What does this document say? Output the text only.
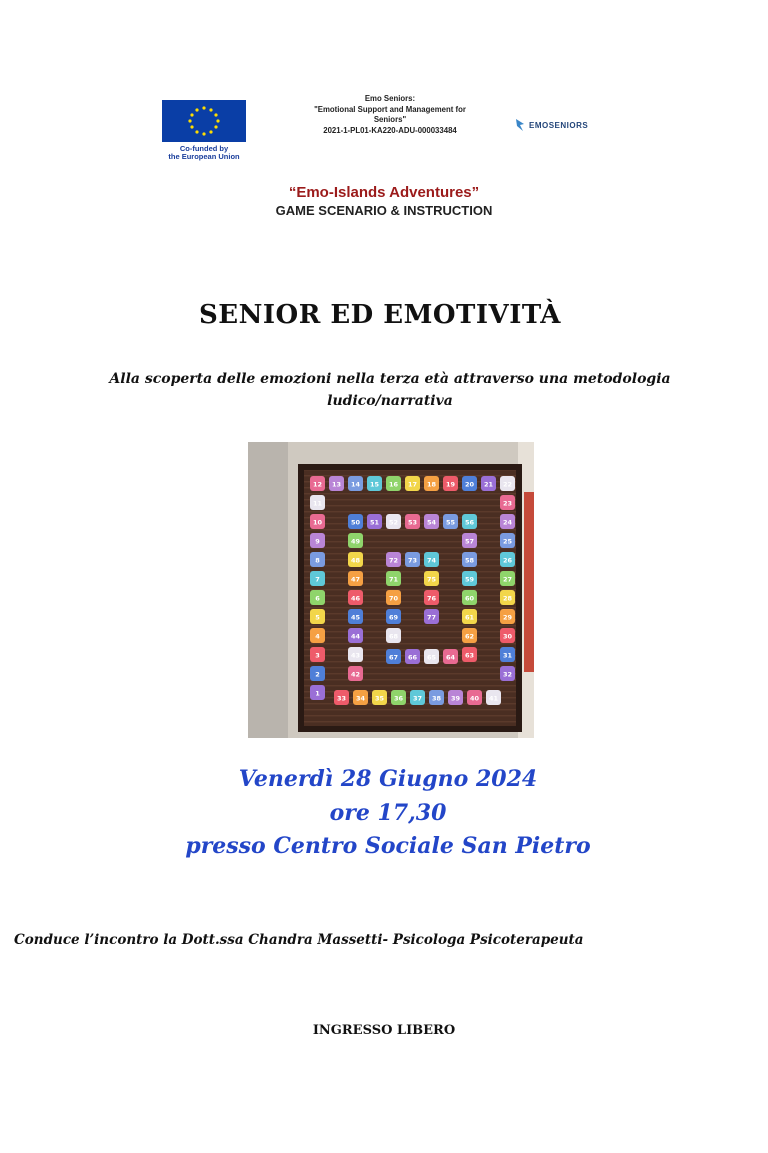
Co-funded by
the European Union
Emo Seniors:
"Emotional Support and Management for
Seniors"
2021-1-PL01-KA220-ADU-000033484
EMOSENIORS
“Emo-Islands Adventures”
GAME SCENARIO & INSTRUCTION
SENIOR ED EMOTIVITÀ
Alla scoperta delle emozioni nella terza età attraverso una metodologia
ludico/narrativa
12 13 14 15 16 17 18 19 20 21 22
23
24
25
26
27
28
29
30
31
32
11
10
9
8
7
6
5
4
3
2
1
41
40
39
38
37
36
35
34
33
50 51 52 53 54 55 56
49
48
47
46
45
44
43
42
57
58
59
60
61
62
63
67 66 65 64
72 73 74
71	75
70	76
69	77
68
Venerdì 28 Giugno 2024
ore 17,30
presso Centro Sociale San Pietro
Conduce l’incontro la Dott.ssa Chandra Massetti- Psicologa Psicoterapeuta
INGRESSO LIBERO
